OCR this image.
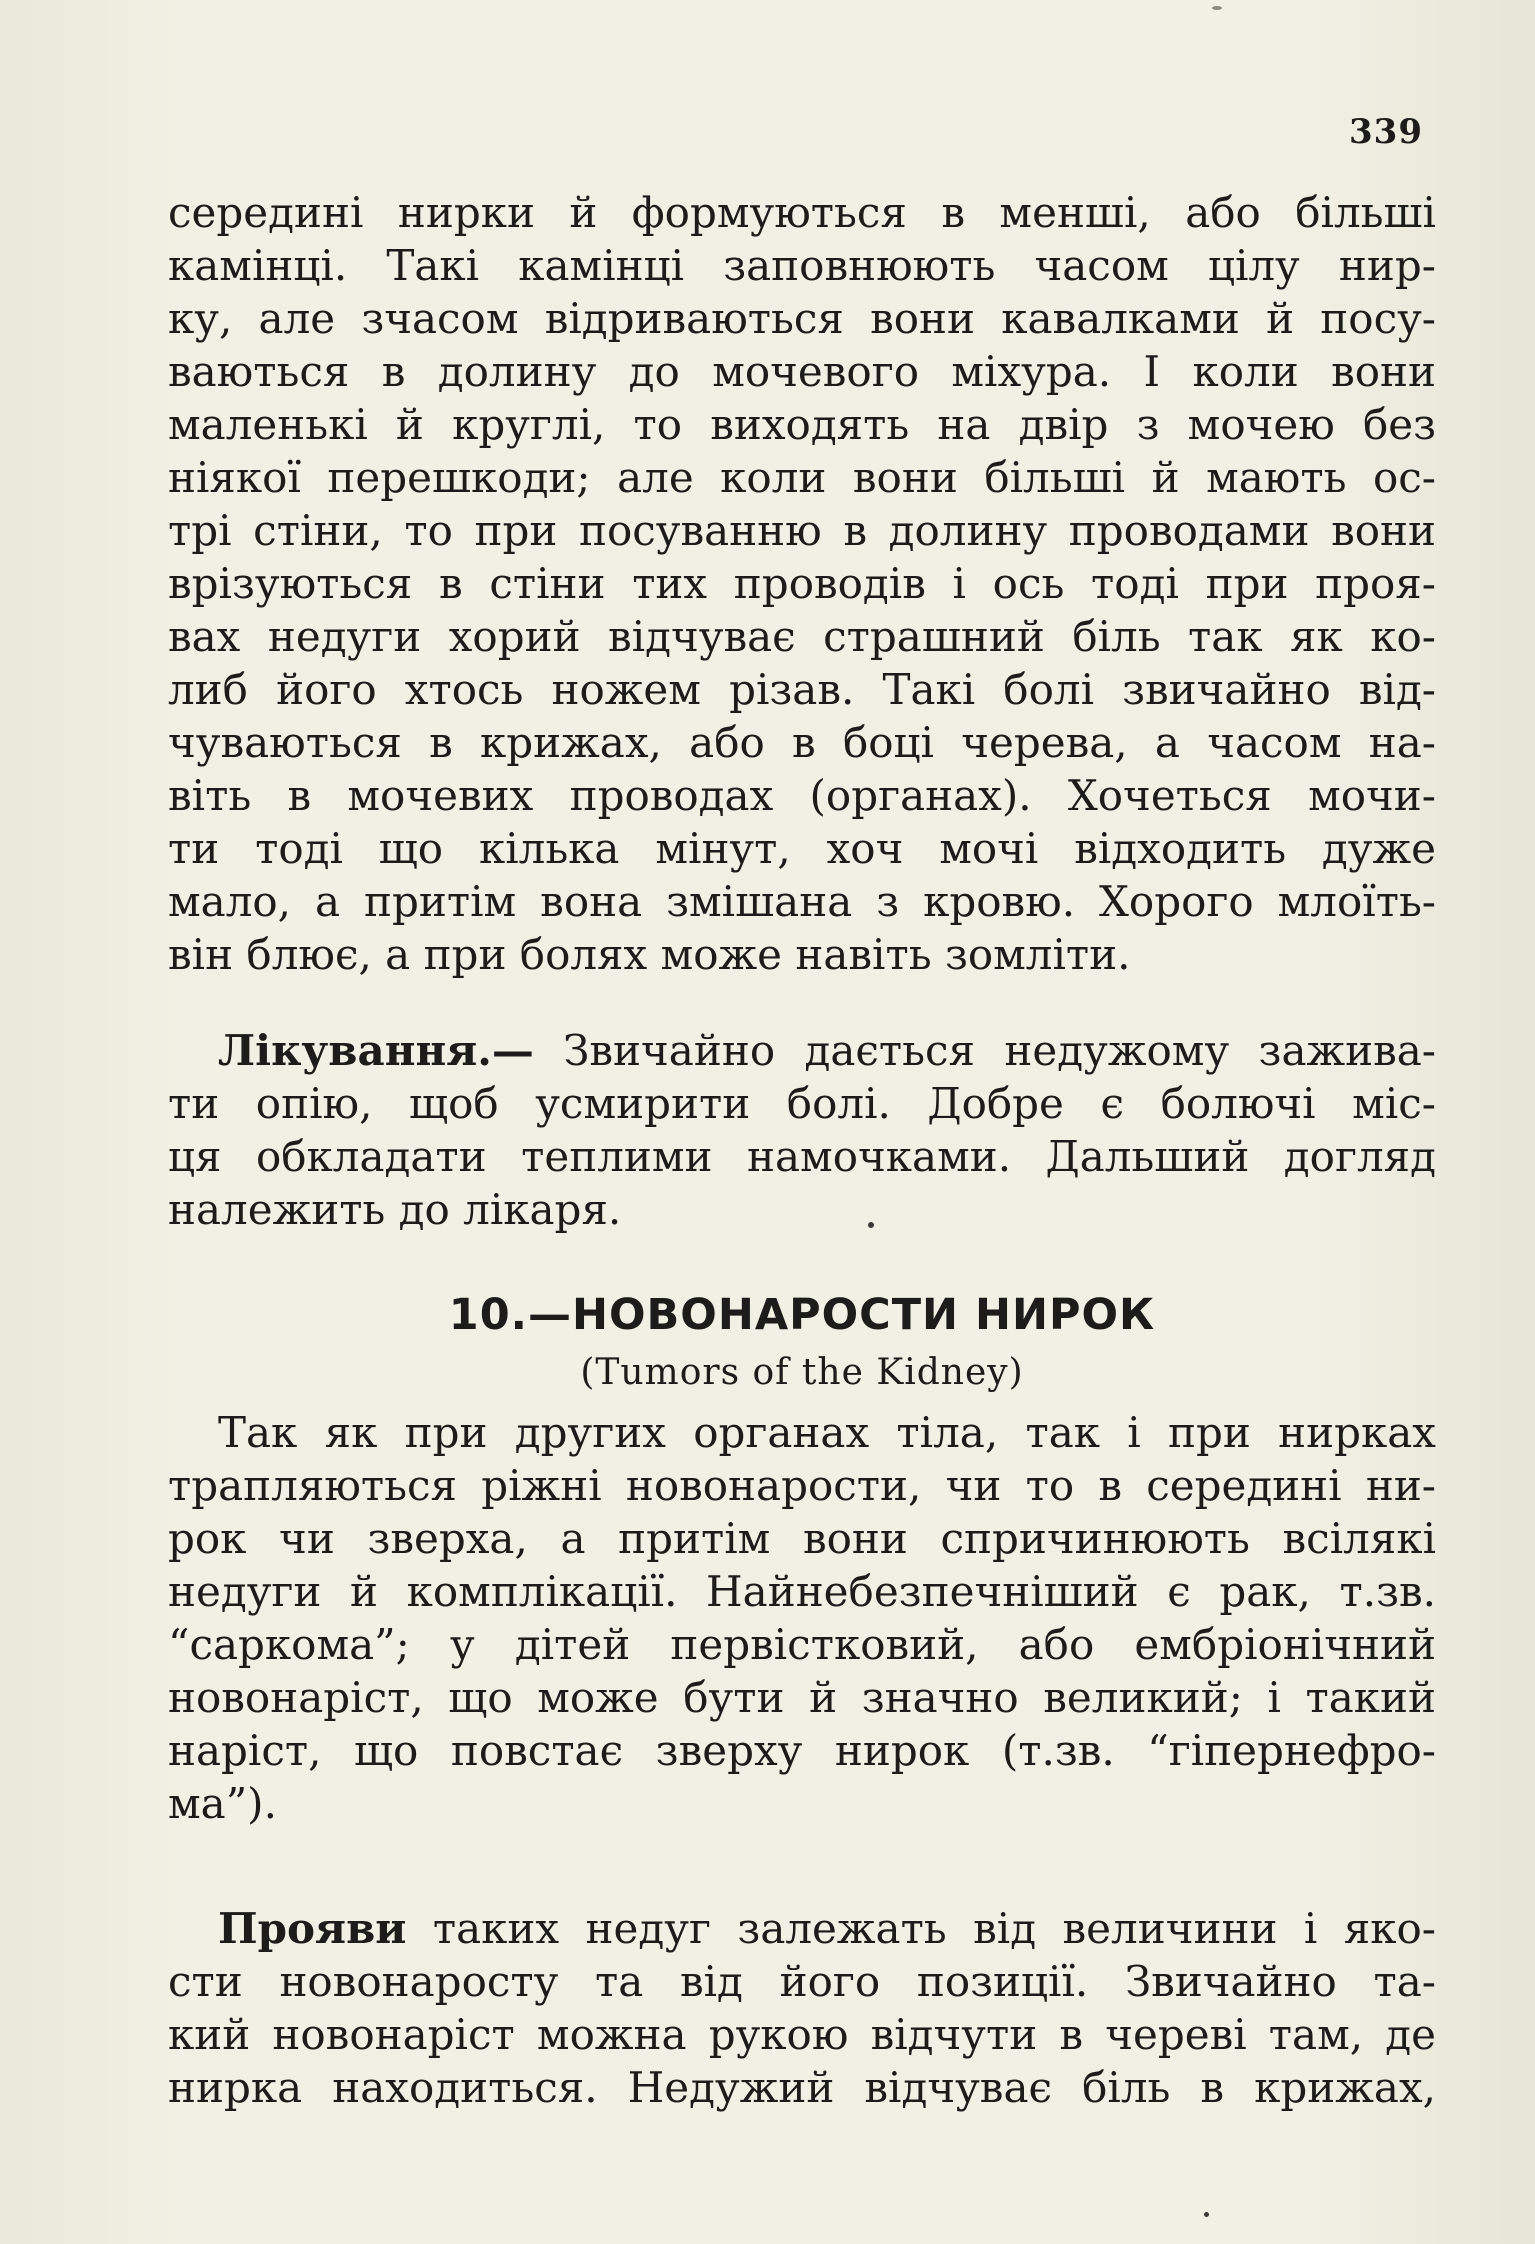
339
середині нирки й формуються в менші, або більші
камінці. Такі камінці заповнюють часом цілу нир-
ку, але зчасом відриваються вони кавалками й посу-
ваються в долину до мочевого міхура. І коли вони
маленькі й круглі, то виходять на двір з мочею без
ніякої перешкоди; але коли вони більші й мають ос-
трі стіни, то при посуванню в долину проводами вони
врізуються в стіни тих проводів і ось тоді при проя-
вах недуги хорий відчуває страшний біль так як ко-
либ його хтось ножем різав. Такі болі звичайно від-
чуваються в крижах, або в боці черева, а часом на-
віть в мочевих проводах (органах). Хочеться мочи-
ти тоді що кілька мінут, хоч мочі відходить дуже
мало, а притім вона змішана з кровю. Хорого млоїть-
він блює, а при болях може навіть зомліти.
Лікування.— Звичайно дається недужому зажива-
ти опію, щоб усмирити болі. Добре є болючі міс-
ця обкладати теплими намочками. Дальший догляд
належить до лікаря.
10.—НОВОНАРОСТИ НИРОК
(Tumors of the Kidney)
Так як при других органах тіла, так і при нирках
трапляються ріжні новонарости, чи то в середині ни-
рок чи зверха, а притім вони спричинюють всілякі
недуги й комплікації. Найнебезпечніший є рак, т.зв.
“саркома”; у дітей первістковий, або ембріонічний
новонаріст, що може бути й значно великий; і такий
наріст, що повстає зверху нирок (т.зв. “гіпернефро-
ма”).
Прояви таких недуг залежать від величини і яко-
сти новонаросту та від його позиції. Звичайно та-
кий новонаріст можна рукою відчути в череві там, де
нирка находиться. Недужий відчуває біль в крижах,
